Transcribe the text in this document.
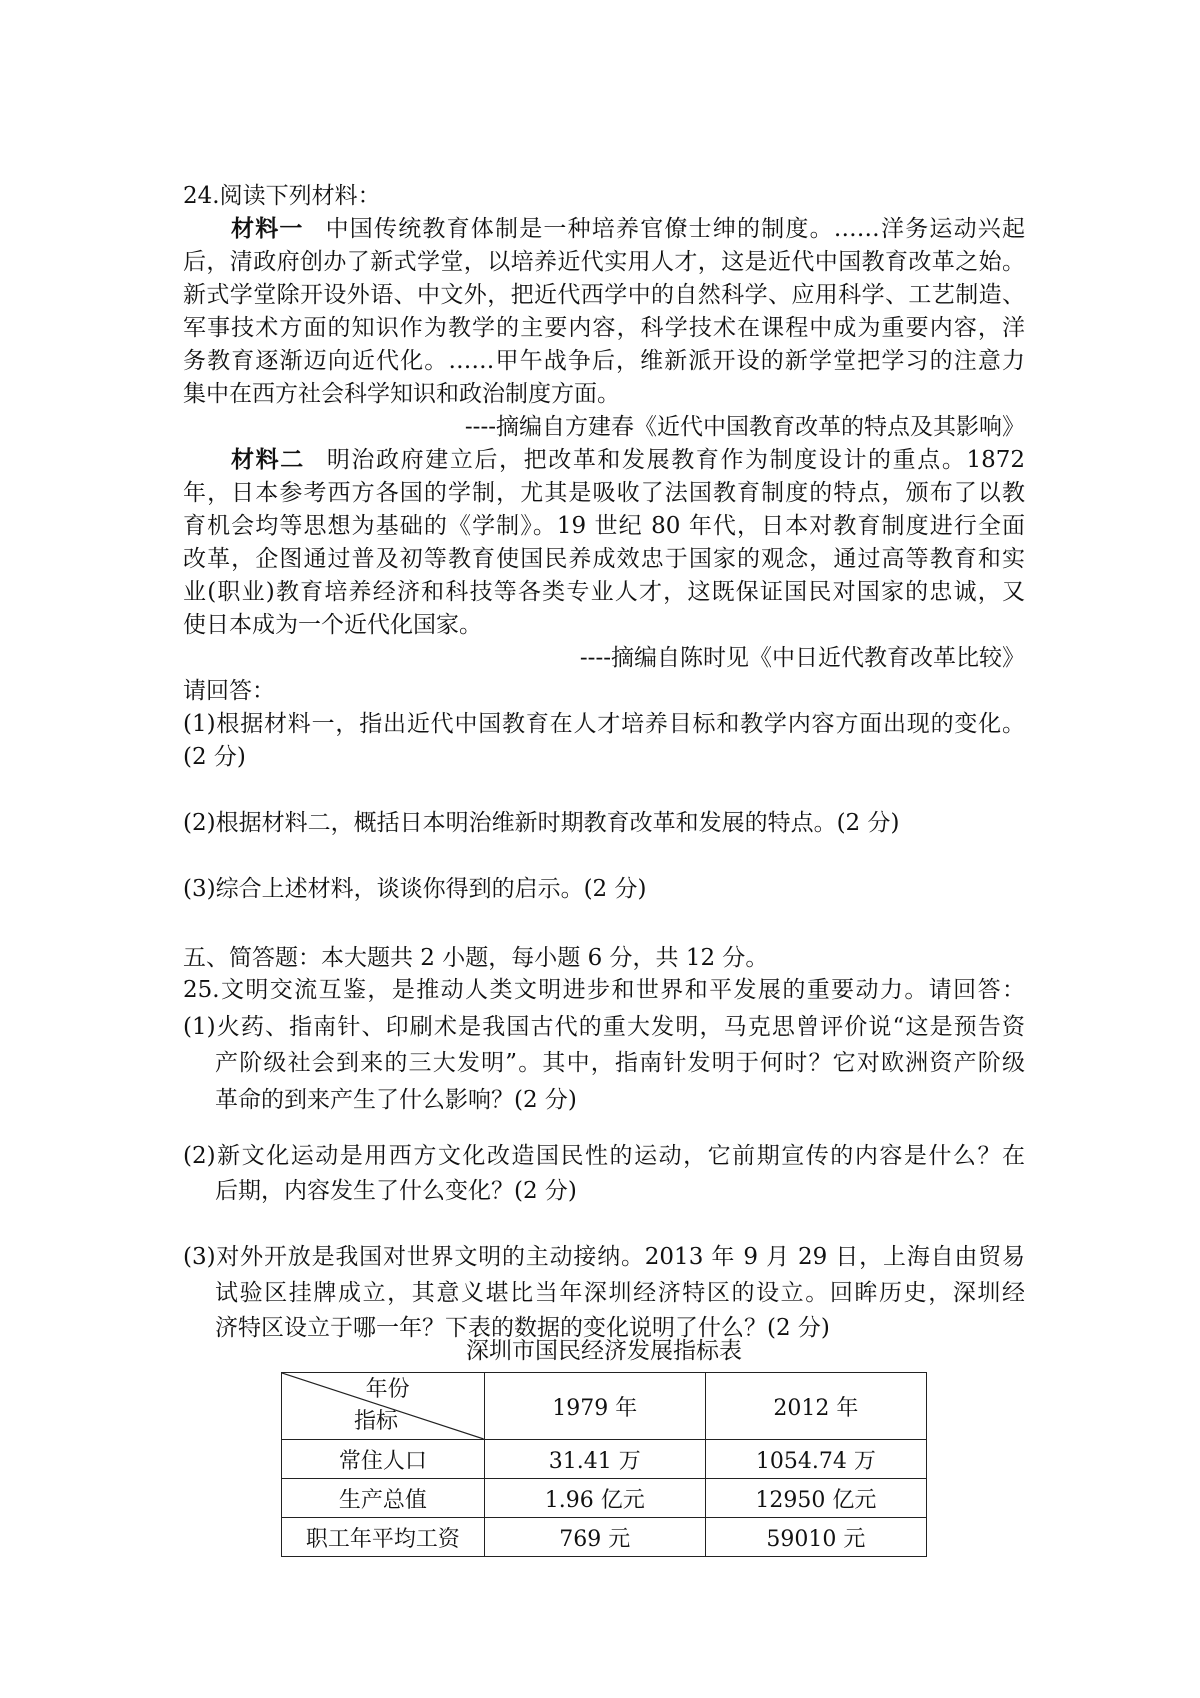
24.阅读下列材料：
材料一 中国传统教育体制是一种培养官僚士绅的制度。……洋务运动兴起
后，清政府创办了新式学堂，以培养近代实用人才，这是近代中国教育改革之始。
新式学堂除开设外语、中文外，把近代西学中的自然科学、应用科学、工艺制造、
军事技术方面的知识作为教学的主要内容，科学技术在课程中成为重要内容，洋
务教育逐渐迈向近代化。……甲午战争后，维新派开设的新学堂把学习的注意力
集中在西方社会科学知识和政治制度方面。
----摘编自方建春《近代中国教育改革的特点及其影响》
材料二 明治政府建立后，把改革和发展教育作为制度设计的重点。1872
年，日本参考西方各国的学制，尤其是吸收了法国教育制度的特点，颁布了以教
育机会均等思想为基础的《学制》。19 世纪 80 年代，日本对教育制度进行全面
改革，企图通过普及初等教育使国民养成效忠于国家的观念，通过高等教育和实
业(职业)教育培养经济和科技等各类专业人才，这既保证国民对国家的忠诚，又
使日本成为一个近代化国家。
----摘编自陈时见《中日近代教育改革比较》
请回答：
(1)根据材料一，指出近代中国教育在人才培养目标和教学内容方面出现的变化。
(2 分)
(2)根据材料二，概括日本明治维新时期教育改革和发展的特点。(2 分)
(3)综合上述材料，谈谈你得到的启示。(2 分)
五、简答题：本大题共 2 小题，每小题 6 分，共 12 分。
25.文明交流互鉴，是推动人类文明进步和世界和平发展的重要动力。请回答：
(1)火药、指南针、印刷术是我国古代的重大发明，马克思曾评价说“这是预告资
产阶级社会到来的三大发明”。其中，指南针发明于何时？它对欧洲资产阶级
革命的到来产生了什么影响？(2 分)
(2)新文化运动是用西方文化改造国民性的运动，它前期宣传的内容是什么？在
后期，内容发生了什么变化？(2 分)
(3)对外开放是我国对世界文明的主动接纳。2013 年 9 月 29 日，上海自由贸易
试验区挂牌成立，其意义堪比当年深圳经济特区的设立。回眸历史，深圳经
济特区设立于哪一年？下表的数据的变化说明了什么？(2 分)
深圳市国民经济发展指标表
年份
指标	1979 年	2012 年
常住人口	31.41 万	1054.74 万
生产总值	1.96 亿元	12950 亿元
职工年平均工资	769 元	59010 元
